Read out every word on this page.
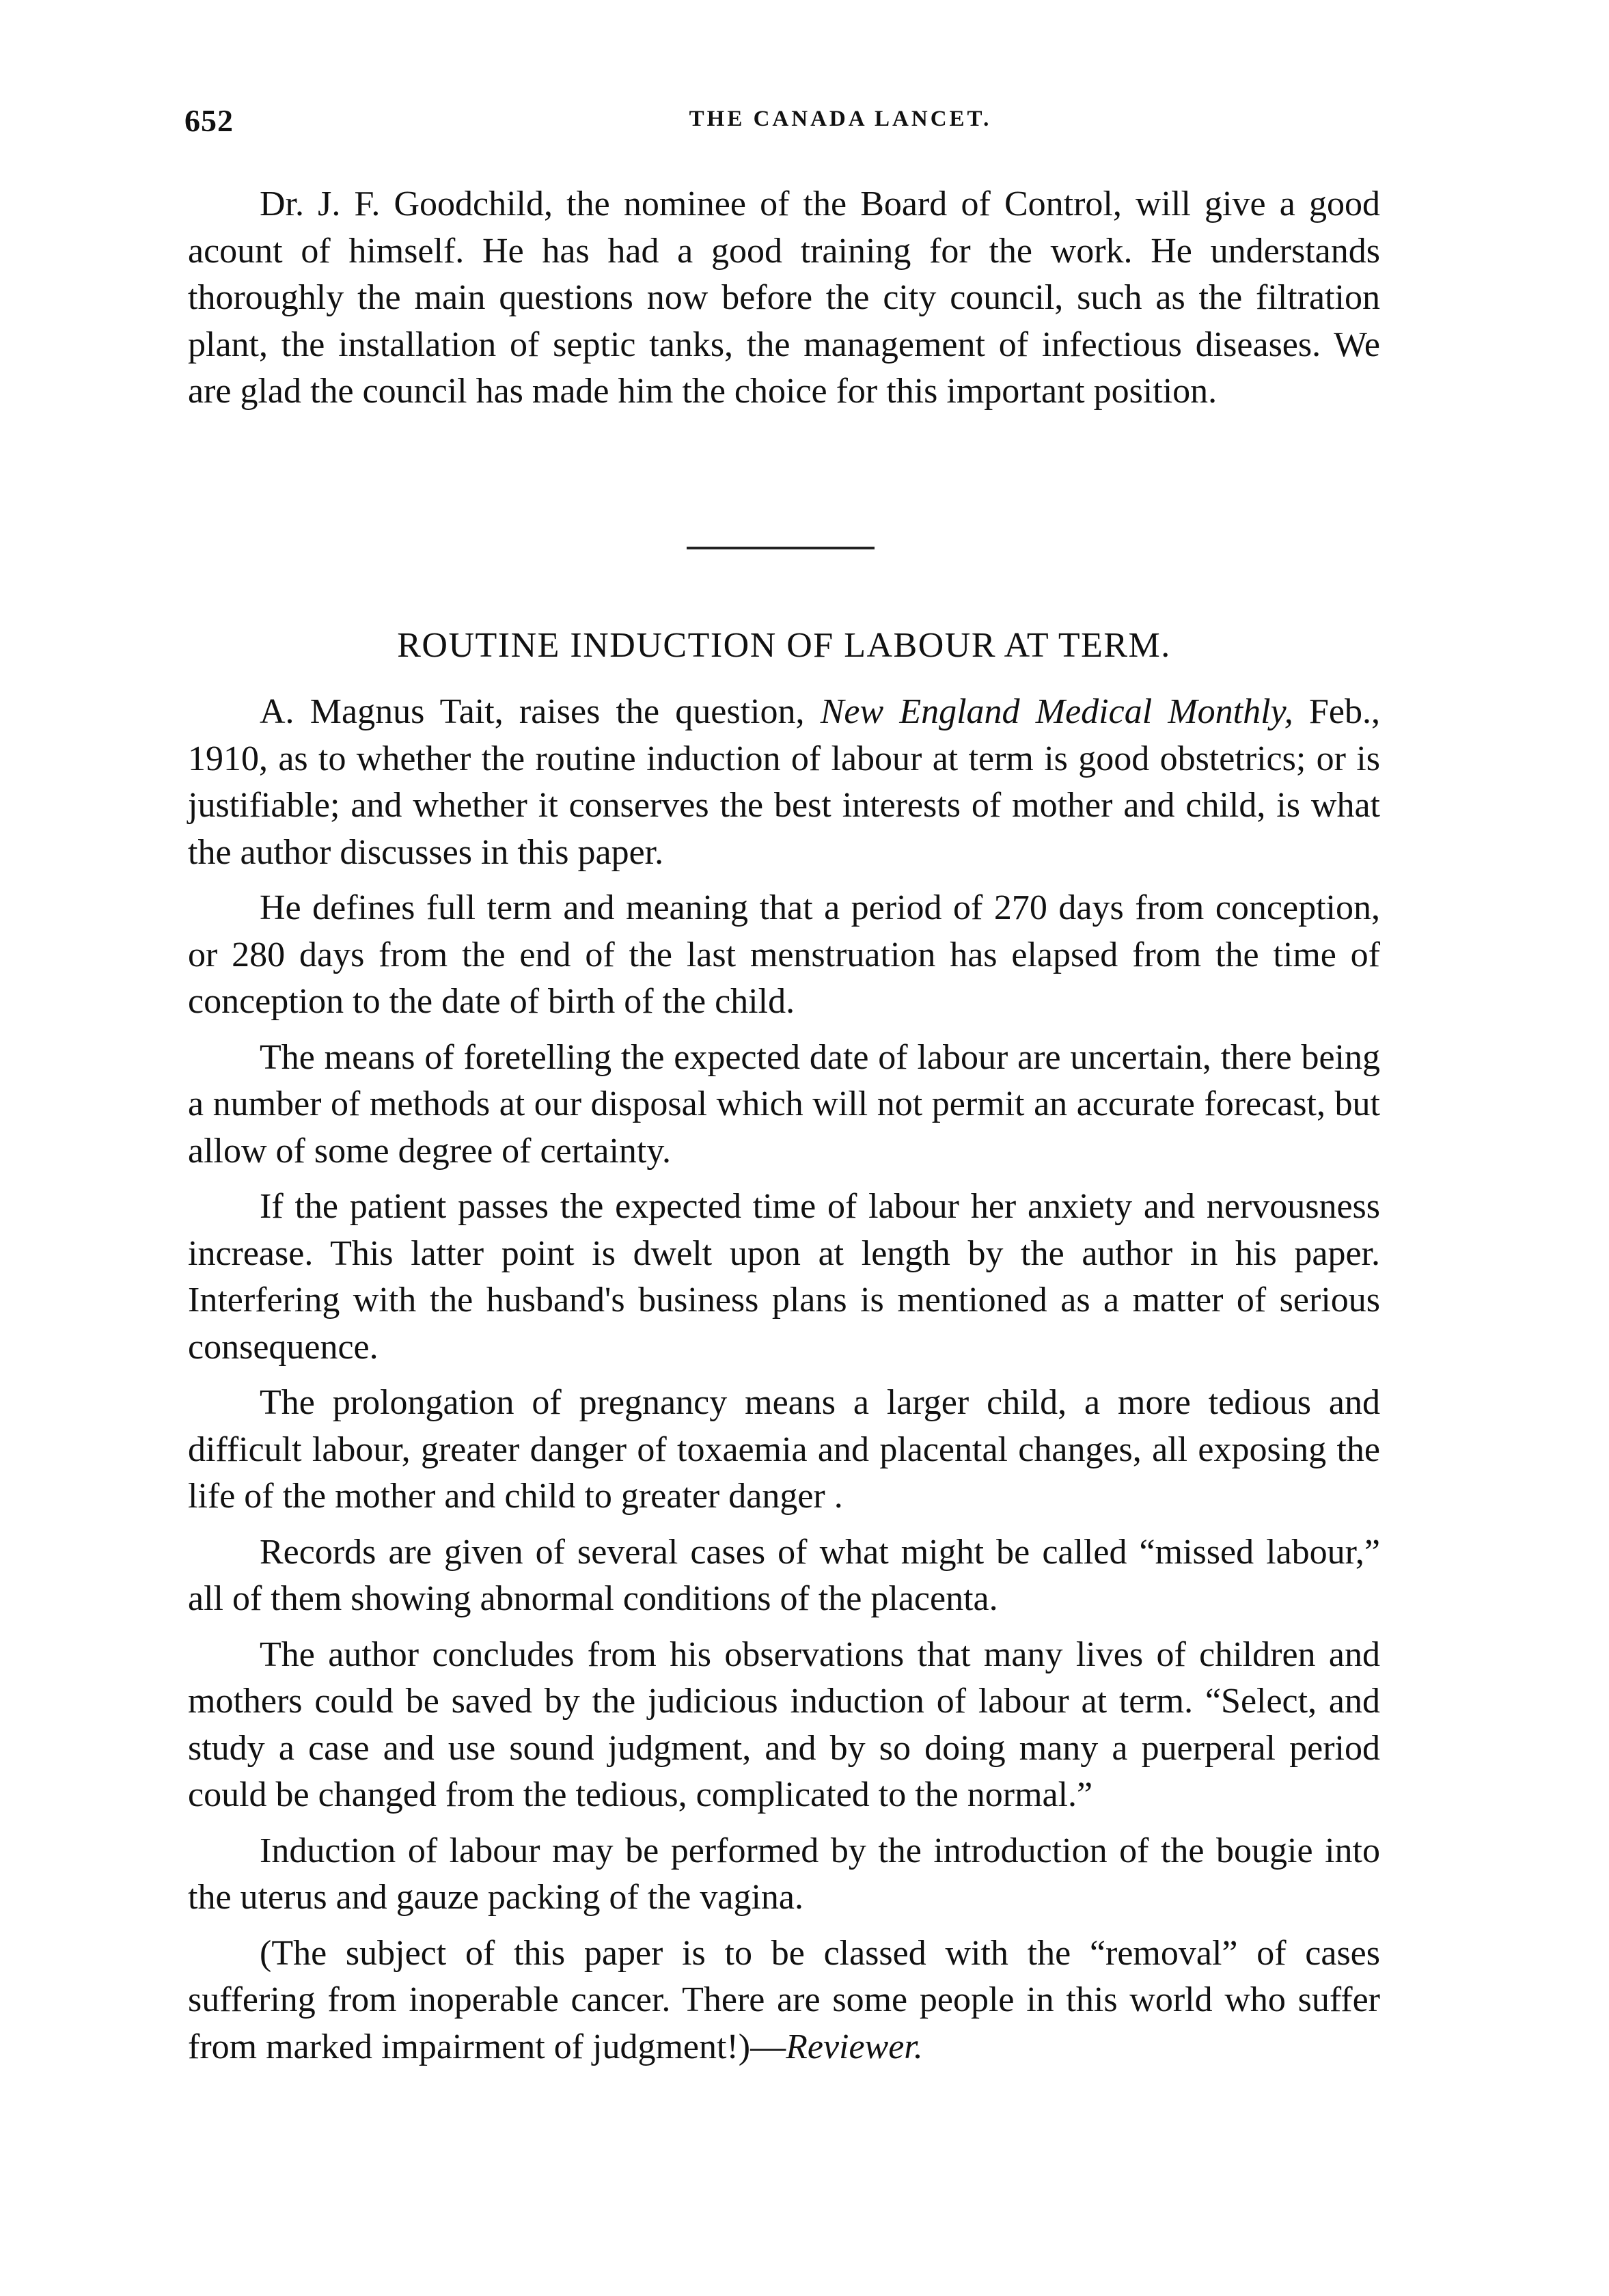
652	THE CANADA LANCET.

Dr. J. F. Goodchild, the nominee of the Board of Control, will give a good acount of himself. He has had a good training for the work. He understands thoroughly the main questions now before the city council, such as the filtration plant, the installation of septic tanks, the management of infectious diseases. We are glad the council has made him the choice for this important position.

ROUTINE INDUCTION OF LABOUR AT TERM.

A. Magnus Tait, raises the question, New England Medical Monthly, Feb., 1910, as to whether the routine induction of labour at term is good obstetrics; or is justifiable; and whether it conserves the best interests of mother and child, is what the author discusses in this paper.

He defines full term and meaning that a period of 270 days from conception, or 280 days from the end of the last menstruation has elapsed from the time of conception to the date of birth of the child.

The means of foretelling the expected date of labour are uncertain, there being a number of methods at our disposal which will not permit an accurate forecast, but allow of some degree of certainty.

If the patient passes the expected time of labour her anxiety and nervousness increase. This latter point is dwelt upon at length by the author in his paper. Interfering with the husband's business plans is mentioned as a matter of serious consequence.

The prolongation of pregnancy means a larger child, a more tedious and difficult labour, greater danger of toxaemia and placental changes, all exposing the life of the mother and child to greater danger .

Records are given of several cases of what might be called “missed labour,” all of them showing abnormal conditions of the placenta.

The author concludes from his observations that many lives of children and mothers could be saved by the judicious induction of labour at term. “Select, and study a case and use sound judgment, and by so doing many a puerperal period could be changed from the tedious, complicated to the normal.”

Induction of labour may be performed by the introduction of the bougie into the uterus and gauze packing of the vagina.

(The subject of this paper is to be classed with the “removal” of cases suffering from inoperable cancer. There are some people in this world who suffer from marked impairment of judgment!)—Reviewer.
